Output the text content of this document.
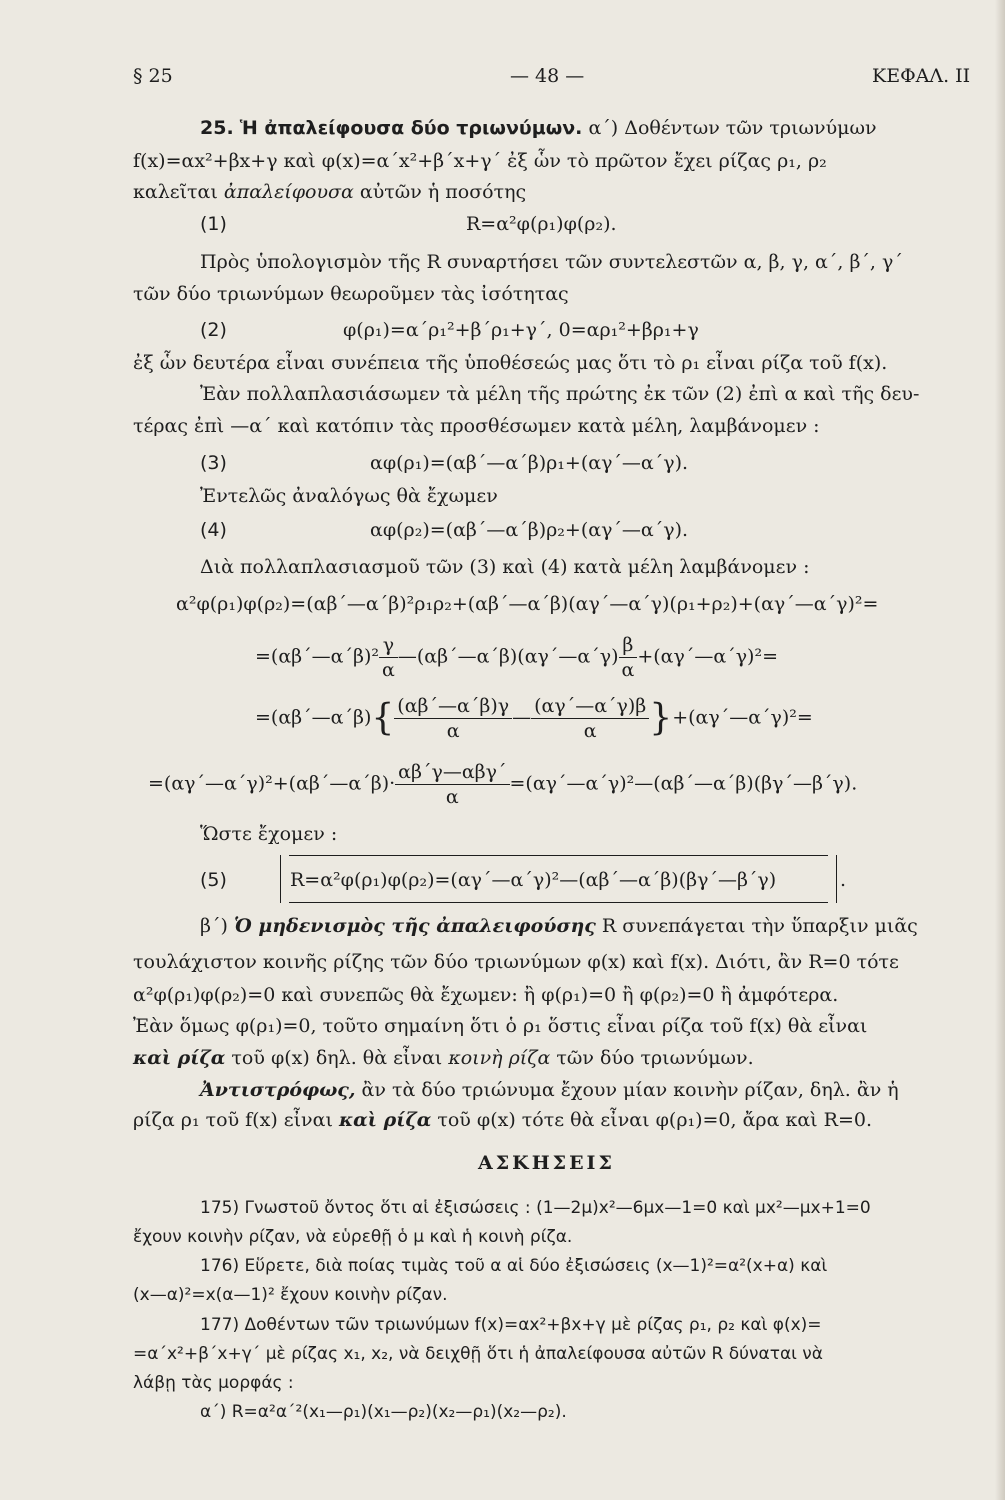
§ 25	— 48 —	ΚΕΦΑΛ. II
25. Ἡ ἀπαλείφουσα δύο τριωνύμων. α΄) Δοθέντων τῶν τριωνύμων
f(x)=αx²+βx+γ καὶ φ(x)=α΄x²+β΄x+γ΄ ἐξ ὧν τὸ πρῶτον ἔχει ρίζας ρ₁, ρ₂
καλεῖται ἀπαλείφουσα αὐτῶν ἡ ποσότης
(1)	R=α²φ(ρ₁)φ(ρ₂).
Πρὸς ὑπολογισμὸν τῆς R συναρτήσει τῶν συντελεστῶν α, β, γ, α΄, β΄, γ΄
τῶν δύο τριωνύμων θεωροῦμεν τὰς ἰσότητας
(2)	φ(ρ₁)=α΄ρ₁²+β΄ρ₁+γ΄, 0=αρ₁²+βρ₁+γ
ἐξ ὧν δευτέρα εἶναι συνέπεια τῆς ὑποθέσεώς μας ὅτι τὸ ρ₁ εἶναι ρίζα τοῦ f(x).
Ἐὰν πολλαπλασιάσωμεν τὰ μέλη τῆς πρώτης ἐκ τῶν (2) ἐπὶ α καὶ τῆς δευ-
τέρας ἐπὶ —α΄ καὶ κατόπιν τὰς προσθέσωμεν κατὰ μέλη, λαμβάνομεν :
(3)	αφ(ρ₁)=(αβ΄—α΄β)ρ₁+(αγ΄—α΄γ).
Ἐντελῶς ἀναλόγως θὰ ἔχωμεν
(4)	αφ(ρ₂)=(αβ΄—α΄β)ρ₂+(αγ΄—α΄γ).
Διὰ πολλαπλασιασμοῦ τῶν (3) καὶ (4) κατὰ μέλη λαμβάνομεν :
α²φ(ρ₁)φ(ρ₂)=(αβ΄—α΄β)²ρ₁ρ₂+(αβ΄—α΄β)(αγ΄—α΄γ)(ρ₁+ρ₂)+(αγ΄—α΄γ)²=
=(αβ΄—α΄β)² $\frac{\gamma}{\alpha}$ —(αβ΄—α΄β)(αγ΄—α΄γ) $\frac{\beta}{\alpha}$ +(αγ΄—α΄γ)²=
=(αβ΄—α΄β){ $\frac{(\alpha\beta΄—\alpha΄\beta)\gamma}{\alpha}$ — $\frac{(\alpha\gamma΄—\alpha΄\gamma)\beta}{\alpha}$ }+(αγ΄—α΄γ)²=
=(αγ΄—α΄γ)²+(αβ΄—α΄β)· $\frac{\text{αβ΄γ—αβγ΄}}{\alpha}$ =(αγ΄—α΄γ)²—(αβ΄—α΄β)(βγ΄—β΄γ).
Ὥστε ἔχομεν :
(5)	R=α²φ(ρ₁)φ(ρ₂)=(αγ΄—α΄γ)²—(αβ΄—α΄β)(βγ΄—β΄γ)	.
β΄) Ὁ μηδενισμὸς τῆς ἀπαλειφούσης R συνεπάγεται τὴν ὕπαρξιν μιᾶς
τουλάχιστον κοινῆς ρίζης τῶν δύο τριωνύμων φ(x) καὶ f(x). Διότι, ἂν R=0 τότε
α²φ(ρ₁)φ(ρ₂)=0 καὶ συνεπῶς θὰ ἔχωμεν: ἢ φ(ρ₁)=0 ἢ φ(ρ₂)=0 ἢ ἀμφότερα.
Ἐὰν ὅμως φ(ρ₁)=0, τοῦτο σημαίνη ὅτι ὁ ρ₁ ὅστις εἶναι ρίζα τοῦ f(x) θὰ εἶναι
καὶ ρίζα τοῦ φ(x) δηλ. θὰ εἶναι κοινὴ ρίζα τῶν δύο τριωνύμων.
Ἀντιστρόφως, ἂν τὰ δύο τριώνυμα ἔχουν μίαν κοινὴν ρίζαν, δηλ. ἂν ἡ
ρίζα ρ₁ τοῦ f(x) εἶναι καὶ ρίζα τοῦ φ(x) τότε θὰ εἶναι φ(ρ₁)=0, ἄρα καὶ R=0.
ΑΣΚΗΣΕΙΣ
175) Γνωστοῦ ὄντος ὅτι αἱ ἐξισώσεις : (1—2μ)x²—6μx—1=0 καὶ μx²—μx+1=0
ἔχουν κοινὴν ρίζαν, νὰ εὑρεθῇ ὁ μ καὶ ἡ κοινὴ ρίζα.
176) Εὕρετε, διὰ ποίας τιμὰς τοῦ α αἱ δύο ἐξισώσεις (x—1)²=α²(x+α) καὶ
(x—α)²=x(α—1)² ἔχουν κοινὴν ρίζαν.
177) Δοθέντων τῶν τριωνύμων f(x)=αx²+βx+γ μὲ ρίζας ρ₁, ρ₂ καὶ φ(x)=
=α΄x²+β΄x+γ΄ μὲ ρίζας x₁, x₂, νὰ δειχθῇ ὅτι ἡ ἀπαλείφουσα αὐτῶν R δύναται νὰ
λάβῃ τὰς μορφάς :
α΄) R=α²α΄²(x₁—ρ₁)(x₁—ρ₂)(x₂—ρ₁)(x₂—ρ₂).
